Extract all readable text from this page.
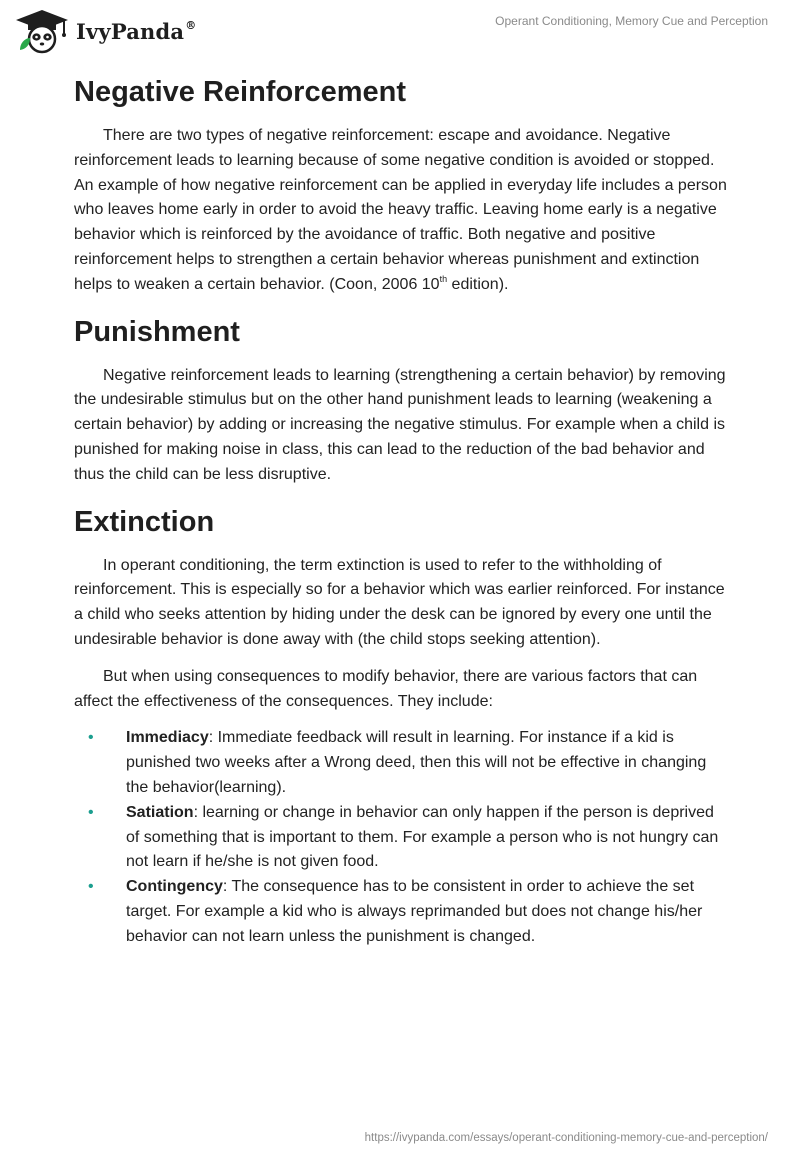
IvyPanda®	Operant Conditioning, Memory Cue and Perception
Negative Reinforcement

There are two types of negative reinforcement: escape and avoidance. Negative reinforcement leads to learning because of some negative condition is avoided or stopped. An example of how negative reinforcement can be applied in everyday life includes a person who leaves home early in order to avoid the heavy traffic. Leaving home early is a negative behavior which is reinforced by the avoidance of traffic. Both negative and positive reinforcement helps to strengthen a certain behavior whereas punishment and extinction helps to weaken a certain behavior. (Coon, 2006 10th edition).

Punishment

Negative reinforcement leads to learning (strengthening a certain behavior) by removing the undesirable stimulus but on the other hand punishment leads to learning (weakening a certain behavior) by adding or increasing the negative stimulus. For example when a child is punished for making noise in class, this can lead to the reduction of the bad behavior and thus the child can be less disruptive.

Extinction

In operant conditioning, the term extinction is used to refer to the withholding of reinforcement. This is especially so for a behavior which was earlier reinforced. For instance a child who seeks attention by hiding under the desk can be ignored by every one until the undesirable behavior is done away with (the child stops seeking attention).

But when using consequences to modify behavior, there are various factors that can affect the effectiveness of the consequences. They include:

• Immediacy: Immediate feedback will result in learning. For instance if a kid is punished two weeks after a Wrong deed, then this will not be effective in changing the behavior(learning).
• Satiation: learning or change in behavior can only happen if the person is deprived of something that is important to them. For example a person who is not hungry can not learn if he/she is not given food.
• Contingency: The consequence has to be consistent in order to achieve the set target. For example a kid who is always reprimanded but does not change his/her behavior can not learn unless the punishment is changed.
https://ivypanda.com/essays/operant-conditioning-memory-cue-and-perception/
